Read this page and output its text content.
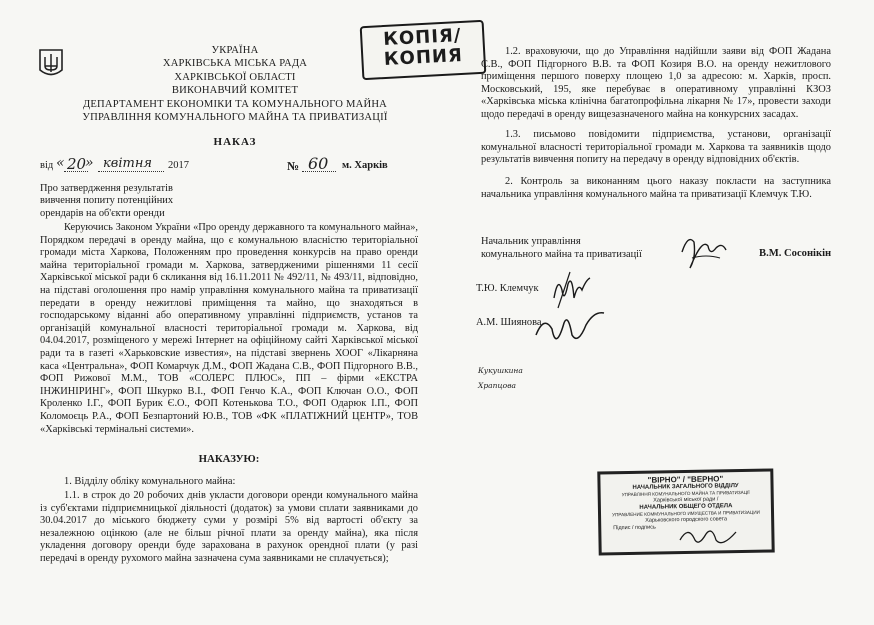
УКРАЇНА
ХАРКІВСЬКА МІСЬКА РАДА
ХАРКІВСЬКОЇ ОБЛАСТІ
ВИКОНАВЧИЙ КОМІТЕТ
ДЕПАРТАМЕНТ ЕКОНОМІКИ ТА КОМУНАЛЬНОГО МАЙНА
УПРАВЛІННЯ КОМУНАЛЬНОГО МАЙНА ТА ПРИВАТИЗАЦІЇ
НАКАЗ
КОПІЯ/
КОПИЯ
від « 20
» квітня 2017	№ 60 м. Харків
Про затвердження результатів вивчення попиту потенційних орендарів на об'єкти оренди
Керуючись Законом України «Про оренду державного та комунального майна», Порядком передачі в оренду майна, що є комунальною власністю територіальної громади міста Харкова, Положенням про проведення конкурсів на право оренди майна територіальної громади м. Харкова, затвердженими рішеннями 11 сесії Харківської міської ради 6 скликання від 16.11.2011 № 492/11, № 493/11, відповідно, на підставі оголошення про намір управління комунального майна та приватизації передати в оренду нежитлові приміщення та майно, що знаходяться в господарському віданні або оперативному управлінні підприємств, установ та організацій комунальної власності територіальної громади м. Харкова, від 04.04.2017, розміщеного у мережі Інтернет на офіційному сайті Харківської міської ради та в газеті «Харьковские известия», на підставі звернень ХООГ «Лікарняна каса «Центральна», ФОП Комарчук Д.М., ФОП Жадана С.В., ФОП Підгорного В.В., ФОП Рижової М.М., ТОВ «СОЛЕРС ПЛЮС», ПП – фірми «ЕКСТРА ІНЖИНІРИНГ», ФОП Шкурко В.І., ФОП Генчо К.А., ФОП Ключан О.О., ФОП Кроленко І.Г., ФОП Бурик Є.О., ФОП Котенькова Т.О., ФОП Одарюк І.П., ФОП Коломоєць Р.А., ФОП Безпартоний Ю.В., ТОВ «ФК «ПЛАТІЖНИЙ ЦЕНТР», ТОВ «Харківські термінальні системи».
НАКАЗУЮ:
1. Відділу обліку комунального майна:
1.1. в строк до 20 робочих днів укласти договори оренди комунального майна із суб'єктами підприємницької діяльності (додаток) за умови сплати заявниками до 30.04.2017 до міського бюджету суми у розмірі 5% від вартості об'єкту за незалежною оцінкою (але не більш річної плати за оренду майна), яка після укладення договору оренди буде зарахована в рахунок орендної плати (у разі передачі в оренду рухомого майна зазначена сума заявниками не сплачується);
1.2. враховуючи, що до Управління надійшли заяви від ФОП Жадана С.В., ФОП Підгорного В.В. та ФОП Козиря В.О. на оренду нежитлового приміщення першого поверху площею 1,0 за адресою: м. Харків, просп. Московський, 195, яке перебуває в оперативному управлінні КЗОЗ «Харківська міська клінічна багатопрофільна лікарня № 17», провести заходи щодо передачі в оренду вищезазначеного майна на конкурсних засадах.
1.3. письмово повідомити підприємства, установи, організації комунальної власності територіальної громади м. Харкова та заявників щодо результатів вивчення попиту на передачу в оренду відповідних об'єктів.
2. Контроль за виконанням цього наказу покласти на заступника начальника управління комунального майна та приватизації Клемчук Т.Ю.
Начальник управління
комунального майна та приватизації	В.М. Сосонікін
Т.Ю. Клемчук
А.М. Шиянова
Кукушкина
Храпцова
"ВІРНО" / "ВЕРНО"
НАЧАЛЬНИК ЗАГАЛЬНОГО ВІДДІЛУ
УПРАВЛІННЯ КОМУНАЛЬНОГО МАЙНА ТА ПРИВАТИЗАЦІЇ
Харківської міської ради /
НАЧАЛЬНИК ОБЩЕГО ОТДЕЛА
УПРАВЛЕНИЕ КОММУНАЛЬНОГО ИМУЩЕСТВА И ПРИВАТИЗАЦИИ
Харьковского городского совета
Підпис / подпись
